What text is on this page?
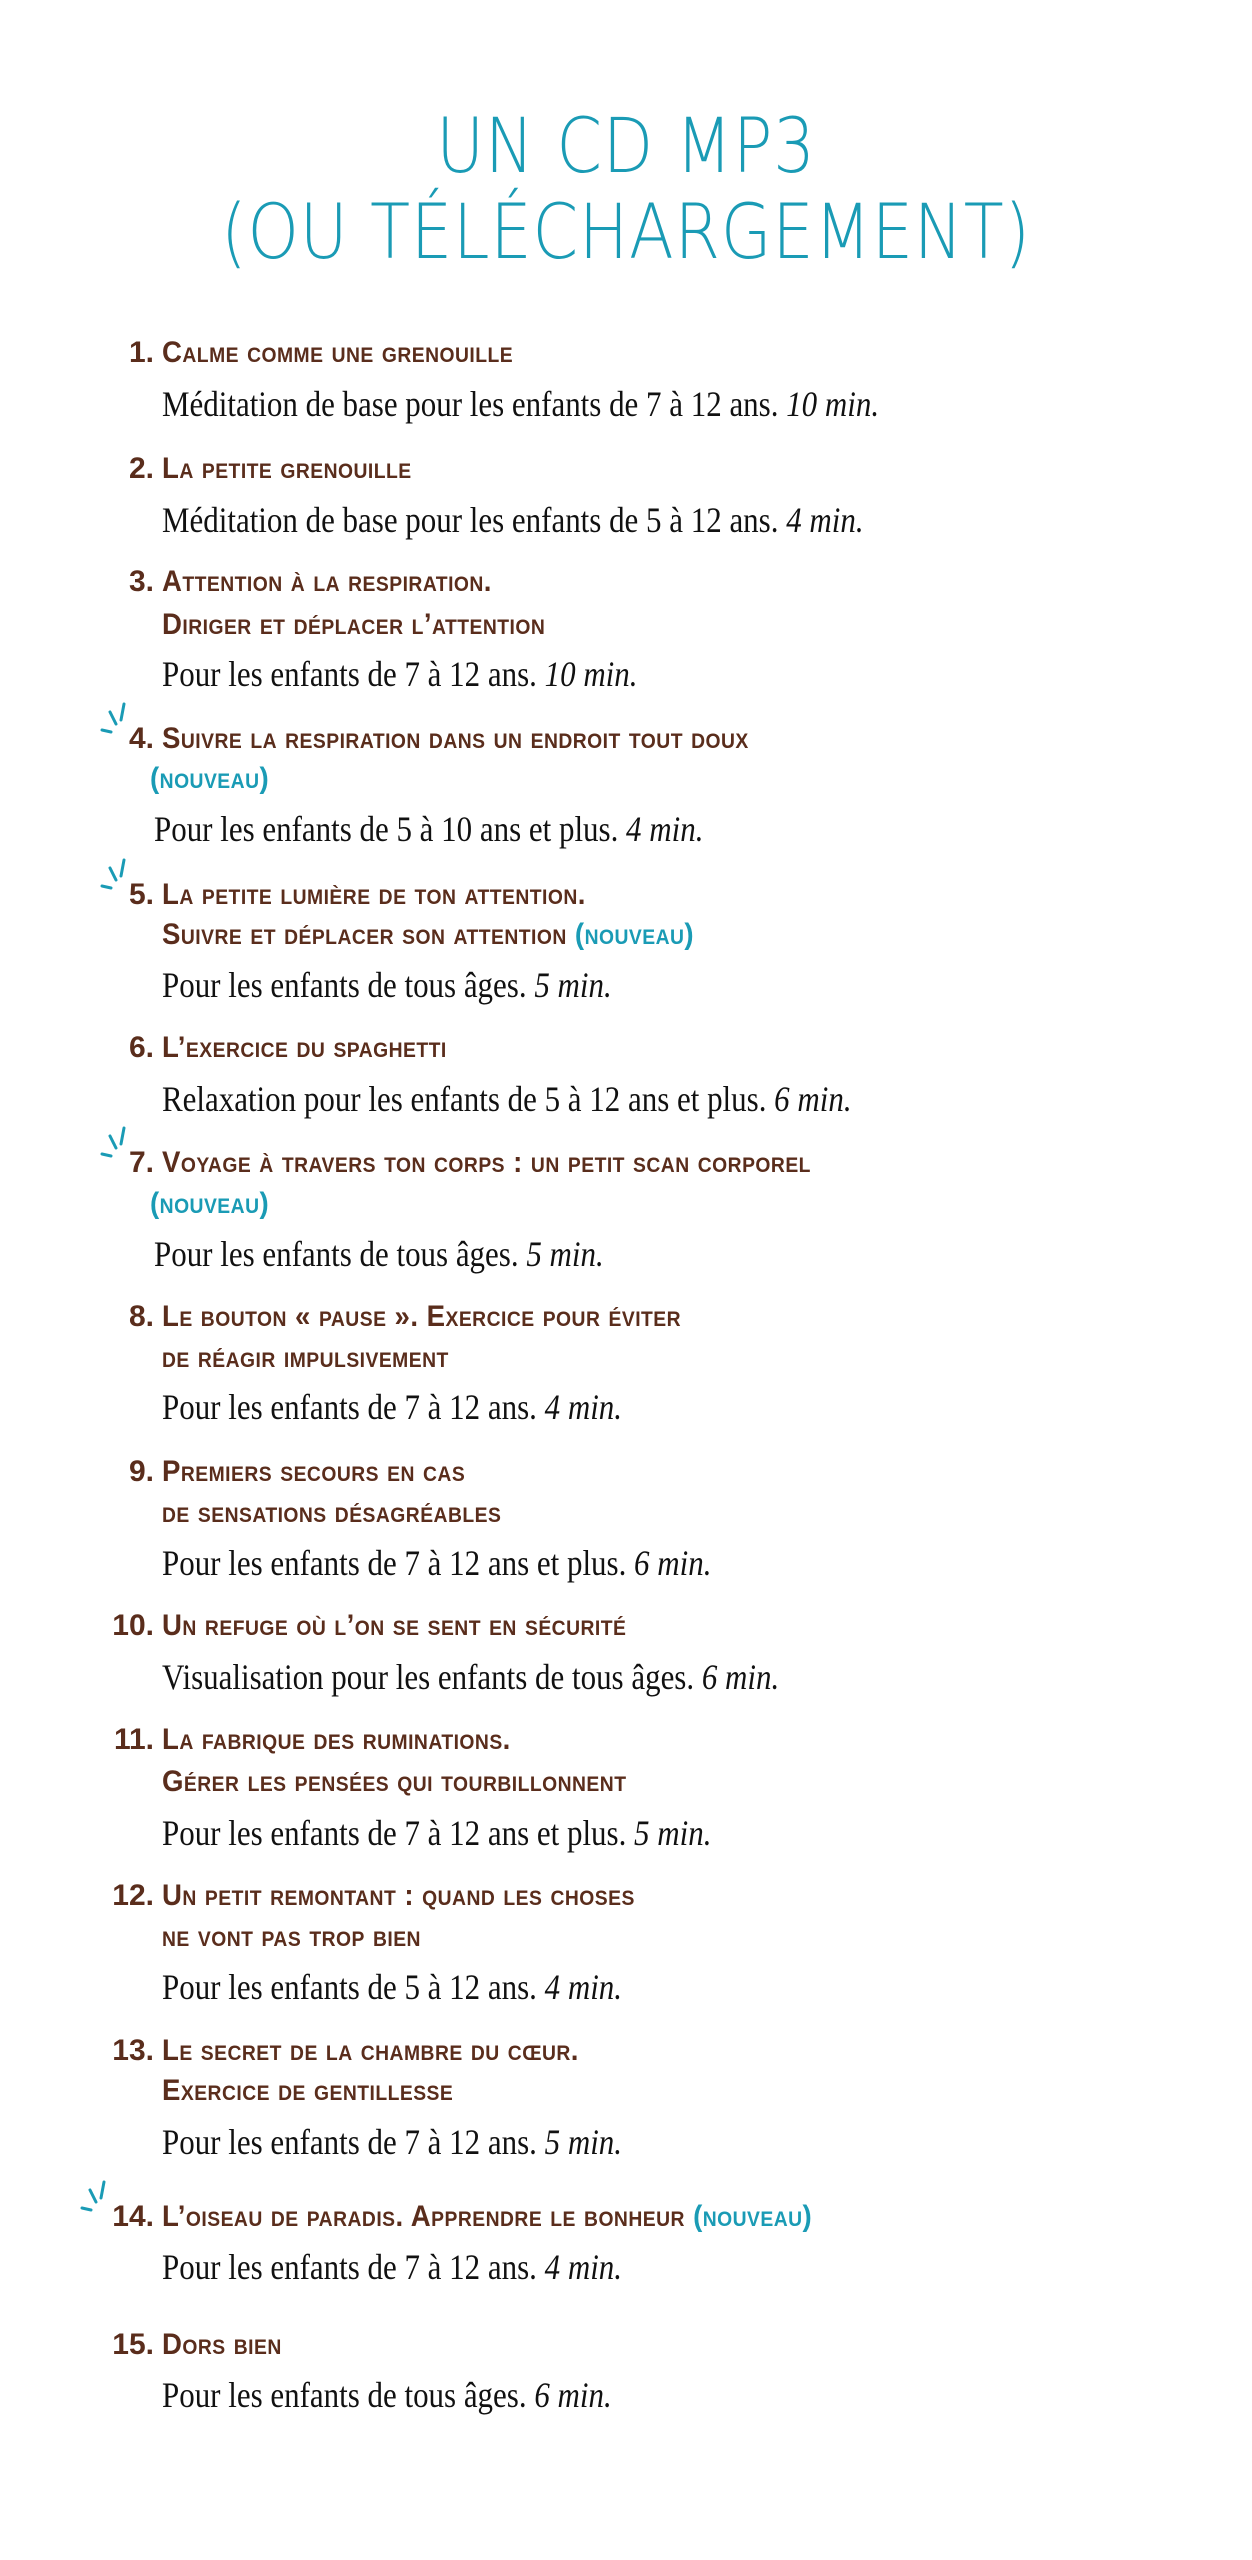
UN CD MP3
(OU TÉLÉCHARGEMENT)
1. Calme comme une grenouille
Méditation de base pour les enfants de 7 à 12 ans. 10 min.
2. La petite grenouille
Méditation de base pour les enfants de 5 à 12 ans. 4 min.
3. Attention à la respiration.
Diriger et déplacer l’attention
Pour les enfants de 7 à 12 ans. 10 min.
4. Suivre la respiration dans un endroit tout doux
(nouveau)
Pour les enfants de 5 à 10 ans et plus. 4 min.
5. La petite lumière de ton attention.
Suivre et déplacer son attention (nouveau)
Pour les enfants de tous âges. 5 min.
6. L’exercice du spaghetti
Relaxation pour les enfants de 5 à 12 ans et plus. 6 min.
7. Voyage à travers ton corps : un petit scan corporel
(nouveau)
Pour les enfants de tous âges. 5 min.
8. Le bouton « pause ». Exercice pour éviter
de réagir impulsivement
Pour les enfants de 7 à 12 ans. 4 min.
9. Premiers secours en cas
de sensations désagréables
Pour les enfants de 7 à 12 ans et plus. 6 min.
10. Un refuge où l’on se sent en sécurité
Visualisation pour les enfants de tous âges. 6 min.
11. La fabrique des ruminations.
Gérer les pensées qui tourbillonnent
Pour les enfants de 7 à 12 ans et plus. 5 min.
12. Un petit remontant : quand les choses
ne vont pas trop bien
Pour les enfants de 5 à 12 ans. 4 min.
13. Le secret de la chambre du cœur.
Exercice de gentillesse
Pour les enfants de 7 à 12 ans. 5 min.
14. L’oiseau de paradis. Apprendre le bonheur (nouveau)
Pour les enfants de 7 à 12 ans. 4 min.
15. Dors bien
Pour les enfants de tous âges. 6 min.
